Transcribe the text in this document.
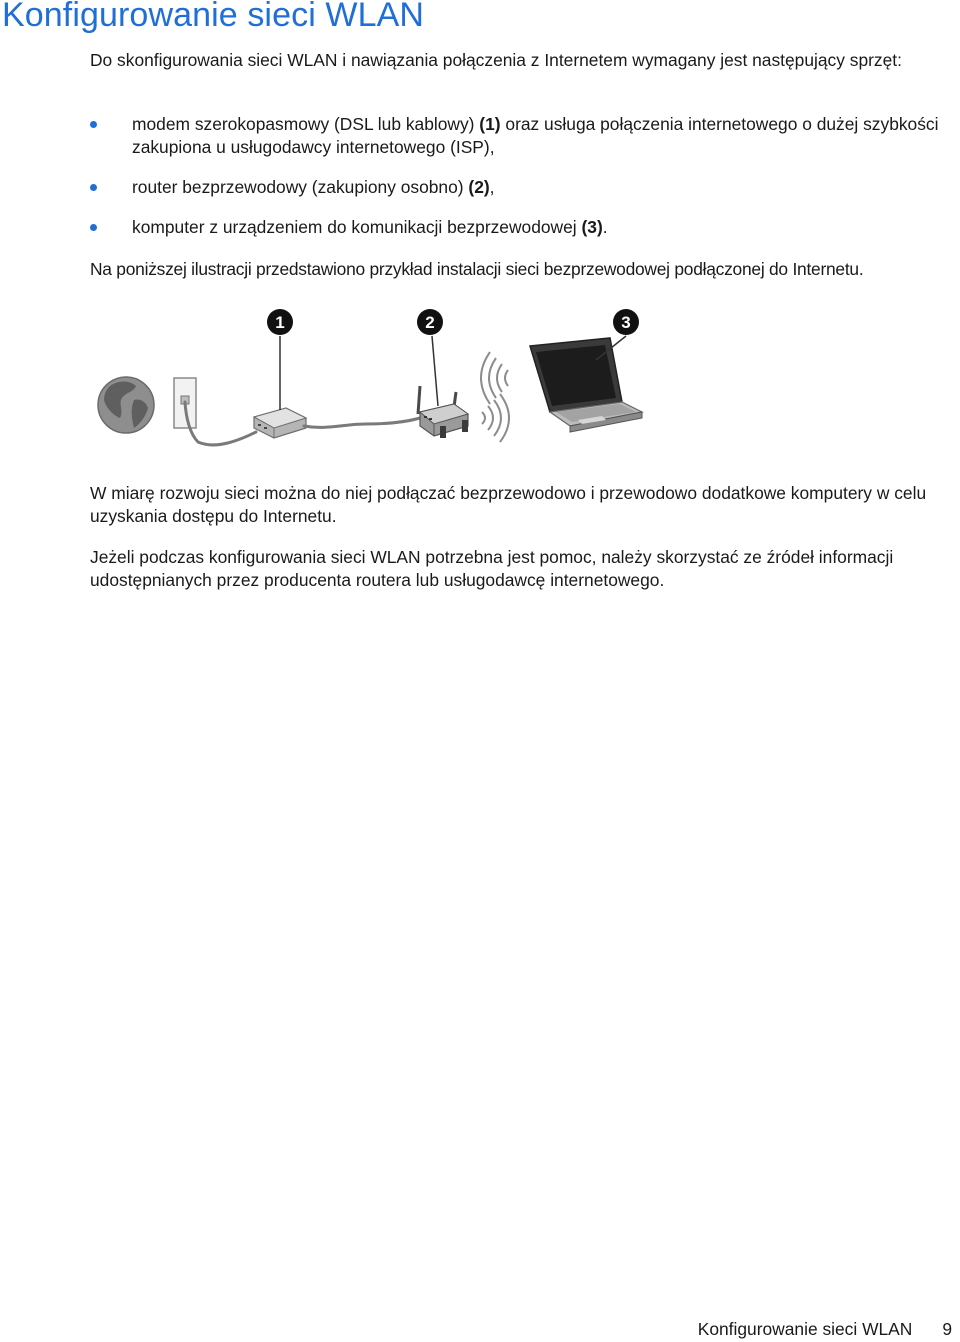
Konfigurowanie sieci WLAN

Do skonfigurowania sieci WLAN i nawiązania połączenia z Internetem wymagany jest następujący sprzęt:

modem szerokopasmowy (DSL lub kablowy) (1) oraz usługa połączenia internetowego o dużej szybkości zakupiona u usługodawcy internetowego (ISP),
router bezprzewodowy (zakupiony osobno) (2),
komputer z urządzeniem do komunikacji bezprzewodowej (3).

Na poniższej ilustracji przedstawiono przykład instalacji sieci bezprzewodowej podłączonej do Internetu.

1	2	3

W miarę rozwoju sieci można do niej podłączać bezprzewodowo i przewodowo dodatkowe komputery w celu uzyskania dostępu do Internetu.

Jeżeli podczas konfigurowania sieci WLAN potrzebna jest pomoc, należy skorzystać ze źródeł informacji udostępnianych przez producenta routera lub usługodawcę internetowego.

Konfigurowanie sieci WLAN 9
